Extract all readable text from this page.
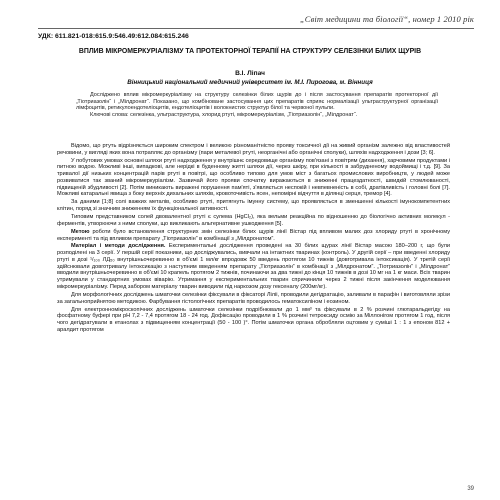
„Світ медицини та біології“, номер 1 2010 рік
УДК: 611.821-018:615.9:546.49:612.084:615.246
ВПЛИВ МІКРОМЕРКУРІАЛІЗМУ ТА ПРОТЕКТОРНОЇ ТЕРАПІЇ НА СТРУКТУРУ СЕЛЕЗІНКИ БІЛИХ ЩУРІВ
В.І. Ліпач
Вінницький національний медичний університет ім. М.І. Пирогова, м. Вінниця

Досліджено вплив мікромеркуріалізму на структуру селезінки білих щурів до і після застосування препаратів протекторної дії „Тіотриазолін“ і „Мілдронат“. Показано, що комбіноване застосування цих препаратів сприяє нормалізації ультраструктурної організації лімфоцитів, ретикулоендотеліоцитів, ендотеліоцитів і волокнистих структур білої та червоної пульпи.

Ключові слова: селезінка, ультраструктура, хлорид ртуті, мікромеркуріалізм, „Тіотриазолін“, „Мілдронат“.

Відомо, що ртуть відрізняється широким спектром і великою різноманітністю прояву токсичної дії на живий організм залежно від властивостей речовини, у вигляді яких вона потрапляє до організму (пари металевої ртуті, неорганічні або органічні сполуки), шляхів надходження і дози [3; 6].

У побутових умовах основні шляхи ртуті надходження у внутрішнє середовище організму пов'язані з повітрям (дихання), харчовими продуктами і питною водою. Можливі інші, випадкові, але нерідкі в буденному житті шляхи дії, через шкіру, при кількості в забрудненому водоймищі і т.д. [9]. За тривалої дії низьких концентрацій парів ртуті в повітрі, що особливо типово для умов міст з багатьох промислових виробництв, у людей може розвиватися так званий мікромеркуріалізм. Зазвичай його прояви спочатку виражаються в зниженні працездатності, швидкій стомлюваності, підвищеній збудливості [2]. Потім виникають виражені порушення пам'яті, з'являється неспокій і невпевненість в собі, дратівливість і головні болі [7]. Можливі катаральні явища з боку верхніх дихальних шляхів, кровоточивість ясен, непомірні відчуття в ділянці серця, тремор [4].

За даними [1;8] солі важких металів, особливо ртуті, притягнуть імунну систему, що проявляється в зменшенні кількості імунокомпетентних клітин, поряд зі значним зниженням їх функціональної активності.

Типовим представником солей двовалентної ртуті є сулема (HgCl₂), яка вельми реакційна по відношенню до біологічно активних молекул - ферментів, утворюючи з ними сполуки, що викликають альтернативне ушкодження [5].

Метою роботи було встановлення структурних змін селезінки білих щурів лінії Вістар під впливом малих доз хлориду ртуті в хронічному експерименті та під впливом препарату „Тіотриазолін“ в комбінації з „Мілдронатом“.

Матеріал і методи дослідження. Експериментальні дослідження проведені на 30 білих щурах лінії Вістар масою 180–200 г, що були розподілені на 3 серії. У першій серії показники, що досліджувались, вивчали на інтактних тваринах (контроль). У другій серії – при введенні хлориду ртуті в дозі ¹/₁₀₀ ЛД₅₀ внутрішньочеревинно в об'ємі 1 мл/кг впродовж 50 введень протягом 10 тижнів (довготривала інтоксикація). У третій серії здійснювали довготривалу інтоксикацію з наступним введенням препарату „Тіотриазолін“ в комбінації з „Мілдронатом“. „Тіотриазолін“ і „Мілдронат“ вводили внутрішньочеревинно в об'ємі 10 крапель протягом 2 тижнів, починаючи за два тижні до кінця 10 тижнів в дозі 10 мг на 1 кг маси. Всіх тварин утримували у стандартних умовах віварію. Утримання у експериментальних тварин спричинили через 2 тижні після закінчення моделювання мікромеркуріалізму. Перед забором матеріалу тварин виводили під наркозом дозу гексеналу (200мг/кг).

Для морфологічних досліджень шматочки селезінки фіксували в фіксаторі Ліліі, проводили дегідратацію, заливали в парафін і виготовляли зрізи за загальноприйнятою методикою. Фарбування гістологічних препаратів проводилось гематоксиліном і еозином.

Для електронномікроскопічних досліджень шматочки селезінки подрібнювали до 1 мм³ та фіксували в 2 % розчині глютаральдегіду на фосфатному буфері при рН 7,2 - 7,4 протягом 18 - 24 год. Дофіксацію проводили в 1 % розчині тетроксиду осмію за Міллонігом протягом 1 год, після чого дегідратували в етанолах з підвищенням концентрації (50 - 100 )°. Потім шматочки органа обробляли оцтовим у суміші 1 : 1 з епоном 812 + аралдит протягом

39
